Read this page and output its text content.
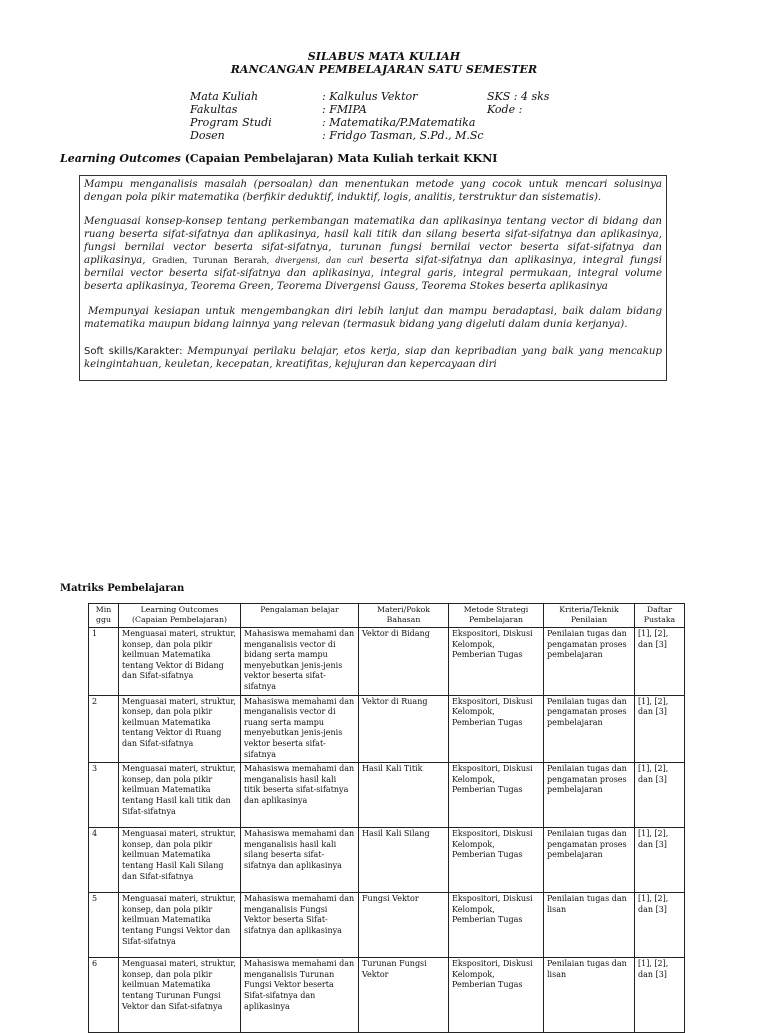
SILABUS MATA KULIAH
RANCANGAN PEMBELAJARAN SATU SEMESTER
Mata Kuliah	: Kalkulus Vektor	SKS : 4 sks
Fakultas	: FMIPA	Kode :
Program Studi	: Matematika/P.Matematika
Dosen	: Fridgo Tasman, S.Pd., M.Sc
Learning Outcomes (Capaian Pembelajaran) Mata Kuliah terkait KKNI
Mampu menganalisis masalah (persoalan) dan menentukan metode yang cocok untuk mencari solusinya dengan pola pikir matematika (berfikir deduktif, induktif, logis, analitis, terstruktur dan sistematis).
Menguasai konsep-konsep tentang perkembangan matematika dan aplikasinya tentang vector di bidang dan ruang beserta sifat-sifatnya dan aplikasinya, hasil kali titik dan silang beserta sifat-sifatnya dan aplikasinya, fungsi bernilai vector beserta sifat-sifatnya, turunan fungsi bernilai vector beserta sifat-sifatnya dan aplikasinya, Gradien, Turunan Berarah, divergensi, dan curl beserta sifat-sifatnya dan aplikasinya, integral fungsi bernilai vector beserta sifat-sifatnya dan aplikasinya, integral garis, integral permukaan, integral volume beserta aplikasinya, Teorema Green, Teorema Divergensi Gauss, Teorema Stokes beserta aplikasinya
Mempunyai kesiapan untuk mengembangkan diri lebih lanjut dan mampu beradaptasi, baik dalam bidang matematika maupun bidang lainnya yang relevan (termasuk bidang yang digeluti dalam dunia kerjanya).
Soft skills/Karakter: Mempunyai perilaku belajar, etos kerja, siap dan kepribadian yang baik yang mencakup keingintahuan, keuletan, kecepatan, kreatifitas, kejujuran dan kepercayaan diri
Matriks Pembelajaran
Min ggu	Learning Outcomes (Capaian Pembelajaran)	Pengalaman belajar	Materi/Pokok Bahasan	Metode Strategi Pembelajaran	Kriteria/Teknik Penilaian	Daftar Pustaka
1	Menguasai materi, struktur, konsep, dan pola pikir keilmuan Matematika tentang Vektor di Bidang dan Sifat-sifatnya	Mahasiswa memahami dan menganalisis vector di bidang serta mampu menyebutkan jenis-jenis vektor beserta sifat-sifatnya	Vektor di Bidang	Ekspositori, Diskusi Kelompok, Pemberian Tugas	Penilaian tugas dan pengamatan proses pembelajaran	[1], [2], dan [3]
2	Menguasai materi, struktur, konsep, dan pola pikir keilmuan Matematika tentang Vektor di Ruang dan Sifat-sifatnya	Mahasiswa memahami dan menganalisis vector di ruang serta mampu menyebutkan jenis-jenis vektor beserta sifat-sifatnya	Vektor di Ruang	Ekspositori, Diskusi Kelompok, Pemberian Tugas	Penilaian tugas dan pengamatan proses pembelajaran	[1], [2], dan [3]
3	Menguasai materi, struktur, konsep, dan pola pikir keilmuan Matematika tentang Hasil kali titik dan Sifat-sifatnya	Mahasiswa memahami dan menganalisis hasil kali titik beserta sifat-sifatnya dan aplikasinya	Hasil Kali Titik	Ekspositori, Diskusi Kelompok, Pemberian Tugas	Penilaian tugas dan pengamatan proses pembelajaran	[1], [2], dan [3]
4	Menguasai materi, struktur, konsep, dan pola pikir keilmuan Matematika tentang Hasil Kali Silang dan Sifat-sifatnya	Mahasiswa memahami dan menganalisis hasil kali silang beserta sifat-sifatnya dan aplikasinya	Hasil Kali Silang	Ekspositori, Diskusi Kelompok, Pemberian Tugas	Penilaian tugas dan pengamatan proses pembelajaran	[1], [2], dan [3]
5	Menguasai materi, struktur, konsep, dan pola pikir keilmuan Matematika tentang Fungsi Vektor dan Sifat-sifatnya	Mahasiswa memahami dan menganalisis Fungsi Vektor beserta Sifat-sifatnya dan aplikasinya	Fungsi Vektor	Ekspositori, Diskusi Kelompok, Pemberian Tugas	Penilaian tugas dan lisan	[1], [2], dan [3]
6	Menguasai materi, struktur, konsep, dan pola pikir keilmuan Matematika tentang Turunan Fungsi Vektor dan Sifat-sifatnya	Mahasiswa memahami dan menganalisis Turunan Fungsi Vektor beserta Sifat-sifatnya dan aplikasinya	Turunan Fungsi Vektor	Ekspositori, Diskusi Kelompok, Pemberian Tugas	Penilaian tugas dan lisan	[1], [2], dan [3]
